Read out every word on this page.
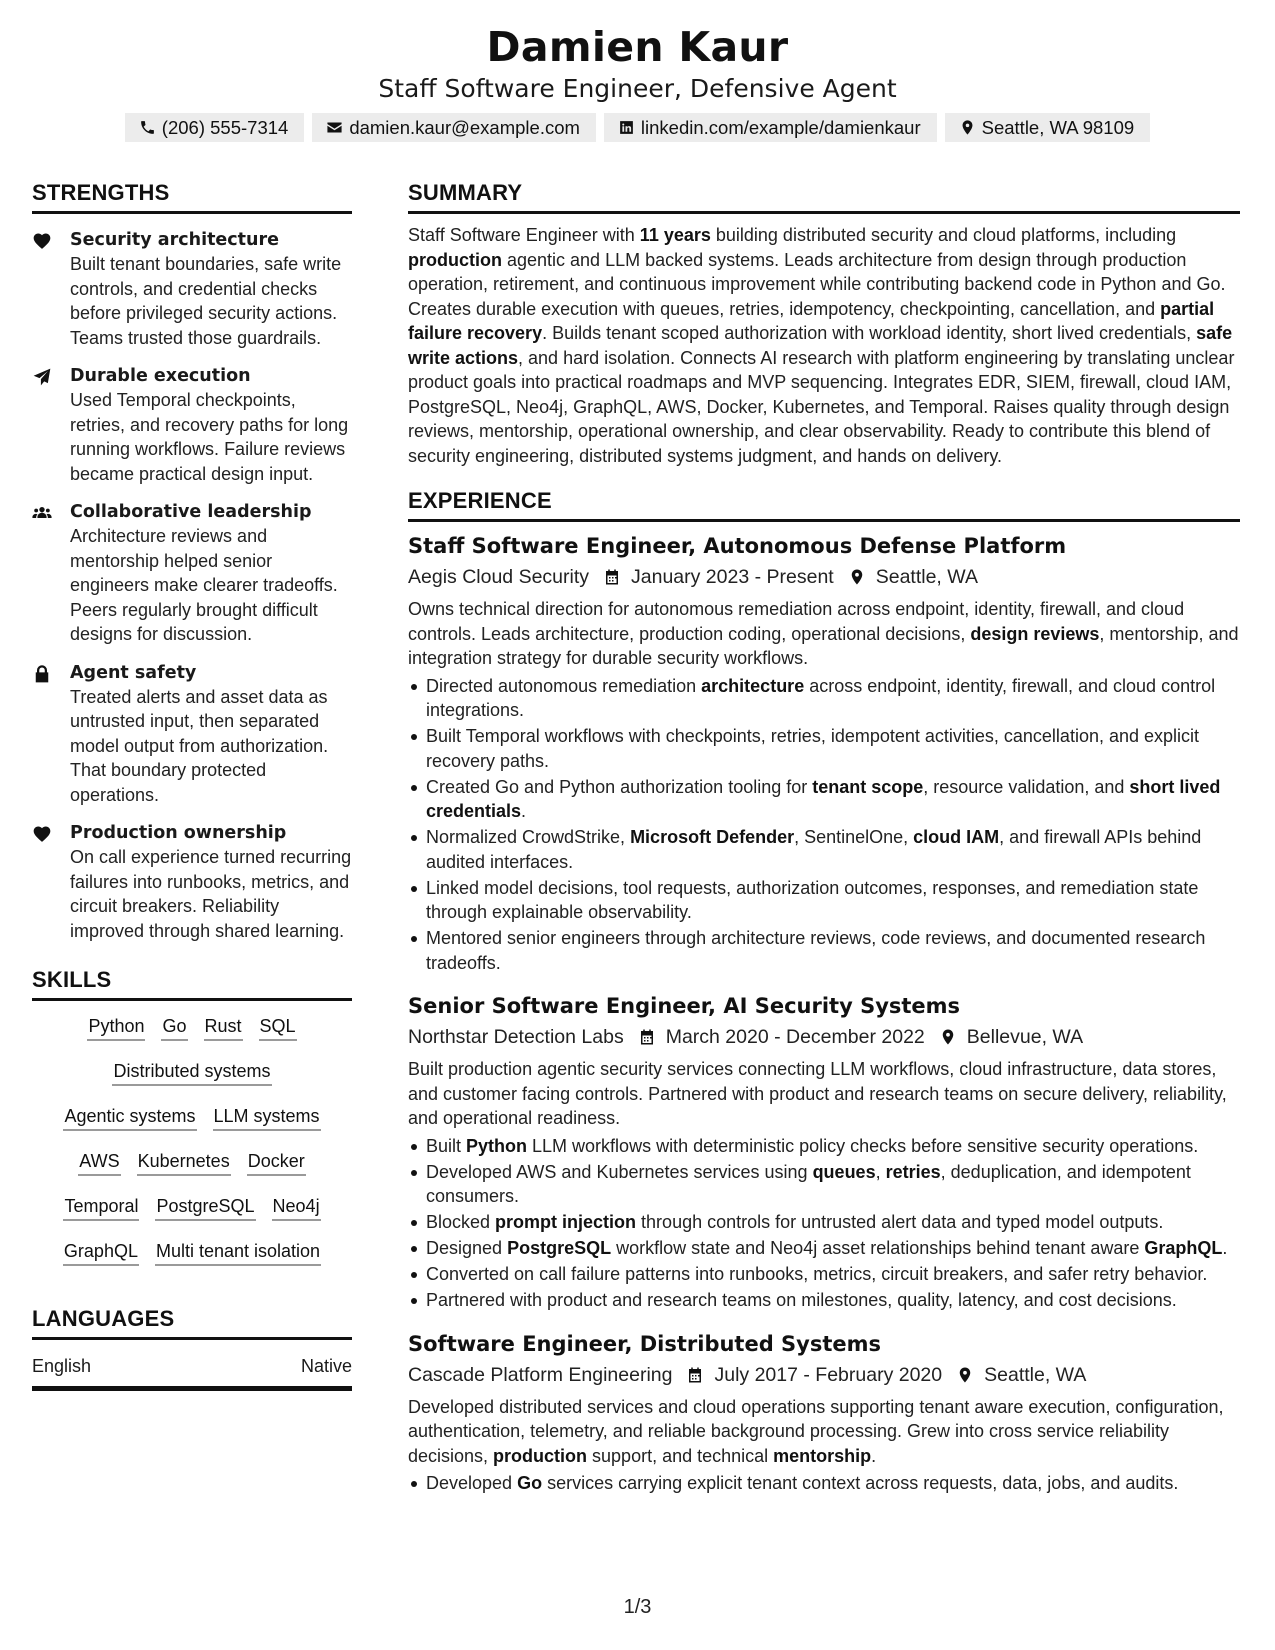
Damien Kaur
Staff Software Engineer, Defensive Agent
(206) 555-7314	damien.kaur@example.com	linkedin.com/example/damienkaur	Seattle, WA 98109
STRENGTHS
Security architecture
Built tenant boundaries, safe write controls, and credential checks before privileged security actions. Teams trusted those guardrails.
Durable execution
Used Temporal checkpoints, retries, and recovery paths for long running workflows. Failure reviews became practical design input.
Collaborative leadership
Architecture reviews and mentorship helped senior engineers make clearer tradeoffs. Peers regularly brought difficult designs for discussion.
Agent safety
Treated alerts and asset data as untrusted input, then separated model output from authorization. That boundary protected operations.
Production ownership
On call experience turned recurring failures into runbooks, metrics, and circuit breakers. Reliability improved through shared learning.
SKILLS
Python Go Rust SQL
Distributed systems
Agentic systems LLM systems
AWS Kubernetes Docker
Temporal PostgreSQL Neo4j
GraphQL Multi tenant isolation
LANGUAGES
English	Native
SUMMARY
Staff Software Engineer with 11 years building distributed security and cloud platforms, including production agentic and LLM backed systems. Leads architecture from design through production operation, retirement, and continuous improvement while contributing backend code in Python and Go. Creates durable execution with queues, retries, idempotency, checkpointing, cancellation, and partial failure recovery. Builds tenant scoped authorization with workload identity, short lived credentials, safe write actions, and hard isolation. Connects AI research with platform engineering by translating unclear product goals into practical roadmaps and MVP sequencing. Integrates EDR, SIEM, firewall, cloud IAM, PostgreSQL, Neo4j, GraphQL, AWS, Docker, Kubernetes, and Temporal. Raises quality through design reviews, mentorship, operational ownership, and clear observability. Ready to contribute this blend of security engineering, distributed systems judgment, and hands on delivery.
EXPERIENCE
Staff Software Engineer, Autonomous Defense Platform
Aegis Cloud Security January 2023 - Present Seattle, WA
Owns technical direction for autonomous remediation across endpoint, identity, firewall, and cloud controls. Leads architecture, production coding, operational decisions, design reviews, mentorship, and integration strategy for durable security workflows.
Directed autonomous remediation architecture across endpoint, identity, firewall, and cloud control integrations.
Built Temporal workflows with checkpoints, retries, idempotent activities, cancellation, and explicit recovery paths.
Created Go and Python authorization tooling for tenant scope, resource validation, and short lived credentials.
Normalized CrowdStrike, Microsoft Defender, SentinelOne, cloud IAM, and firewall APIs behind audited interfaces.
Linked model decisions, tool requests, authorization outcomes, responses, and remediation state through explainable observability.
Mentored senior engineers through architecture reviews, code reviews, and documented research tradeoffs.
Senior Software Engineer, AI Security Systems
Northstar Detection Labs March 2020 - December 2022 Bellevue, WA
Built production agentic security services connecting LLM workflows, cloud infrastructure, data stores, and customer facing controls. Partnered with product and research teams on secure delivery, reliability, and operational readiness.
Built Python LLM workflows with deterministic policy checks before sensitive security operations.
Developed AWS and Kubernetes services using queues, retries, deduplication, and idempotent consumers.
Blocked prompt injection through controls for untrusted alert data and typed model outputs.
Designed PostgreSQL workflow state and Neo4j asset relationships behind tenant aware GraphQL.
Converted on call failure patterns into runbooks, metrics, circuit breakers, and safer retry behavior.
Partnered with product and research teams on milestones, quality, latency, and cost decisions.
Software Engineer, Distributed Systems
Cascade Platform Engineering July 2017 - February 2020 Seattle, WA
Developed distributed services and cloud operations supporting tenant aware execution, configuration, authentication, telemetry, and reliable background processing. Grew into cross service reliability decisions, production support, and technical mentorship.
Developed Go services carrying explicit tenant context across requests, data, jobs, and audits.
1/3
